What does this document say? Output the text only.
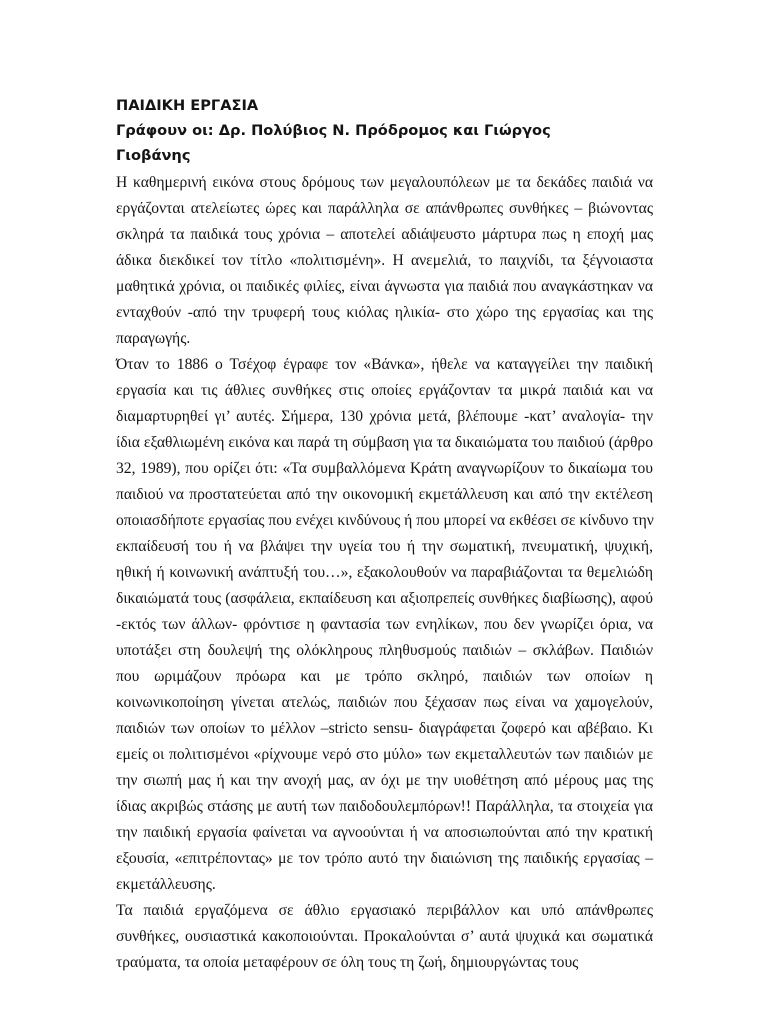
ΠΑΙΔΙΚΗ ΕΡΓΑΣΙΑ
Γράφουν οι: Δρ. Πολύβιος Ν. Πρόδρομος και Γιώργος
Γιοβάνης
Η καθημερινή εικόνα στους δρόμους των μεγαλουπόλεων με τα δεκάδες παιδιά να
εργάζονται ατελείωτες ώρες και παράλληλα σε απάνθρωπες συνθήκες – βιώνοντας
σκληρά τα παιδικά τους χρόνια – αποτελεί αδιάψευστο μάρτυρα πως η εποχή μας
άδικα διεκδικεί τον τίτλο «πολιτισμένη». Η ανεμελιά, το παιχνίδι, τα ξέγνοιαστα
μαθητικά χρόνια, οι παιδικές φιλίες, είναι άγνωστα για παιδιά που αναγκάστηκαν να
ενταχθούν -από την τρυφερή τους κιόλας ηλικία- στο χώρο της εργασίας και της
παραγωγής.
Όταν το 1886 ο Τσέχοφ έγραφε τον «Βάνκα», ήθελε να καταγγείλει την παιδική
εργασία και τις άθλιες συνθήκες στις οποίες εργάζονταν τα μικρά παιδιά και να
διαμαρτυρηθεί γι’ αυτές. Σήμερα, 130 χρόνια μετά, βλέπουμε -κατ’ αναλογία- την
ίδια εξαθλιωμένη εικόνα και παρά τη σύμβαση για τα δικαιώματα του παιδιού (άρθρο
32, 1989), που ορίζει ότι: «Τα συμβαλλόμενα Κράτη αναγνωρίζουν το δικαίωμα του
παιδιού να προστατεύεται από την οικονομική εκμετάλλευση και από την εκτέλεση
οποιασδήποτε εργασίας που ενέχει κινδύνους ή που μπορεί να εκθέσει σε κίνδυνο την
εκπαίδευσή του ή να βλάψει την υγεία του ή την σωματική, πνευματική, ψυχική,
ηθική ή κοινωνική ανάπτυξή του…», εξακολουθούν να παραβιάζονται τα θεμελιώδη
δικαιώματά τους (ασφάλεια, εκπαίδευση και αξιοπρεπείς συνθήκες διαβίωσης), αφού
-εκτός των άλλων- φρόντισε η φαντασία των ενηλίκων, που δεν γνωρίζει όρια, να
υποτάξει στη δουλεψή της ολόκληρους πληθυσμούς παιδιών – σκλάβων. Παιδιών
που ωριμάζουν πρόωρα και με τρόπο σκληρό, παιδιών των οποίων η
κοινωνικοποίηση γίνεται ατελώς, παιδιών που ξέχασαν πως είναι να χαμογελούν,
παιδιών των οποίων το μέλλον –stricto sensu- διαγράφεται ζοφερό και αβέβαιο. Κι
εμείς οι πολιτισμένοι «ρίχνουμε νερό στο μύλο» των εκμεταλλευτών των παιδιών με
την σιωπή μας ή και την ανοχή μας, αν όχι με την υιοθέτηση από μέρους μας της
ίδιας ακριβώς στάσης με αυτή των παιδοδουλεμπόρων!! Παράλληλα, τα στοιχεία για
την παιδική εργασία φαίνεται να αγνοούνται ή να αποσιωπούνται από την κρατική
εξουσία, «επιτρέποντας» με τον τρόπο αυτό την διαιώνιση της παιδικής εργασίας –
εκμετάλλευσης.
Τα παιδιά εργαζόμενα σε άθλιο εργασιακό περιβάλλον και υπό απάνθρωπες
συνθήκες, ουσιαστικά κακοποιούνται. Προκαλούνται σ’ αυτά ψυχικά και σωματικά
τραύματα, τα οποία μεταφέρουν σε όλη τους τη ζωή, δημιουργώντας τους
